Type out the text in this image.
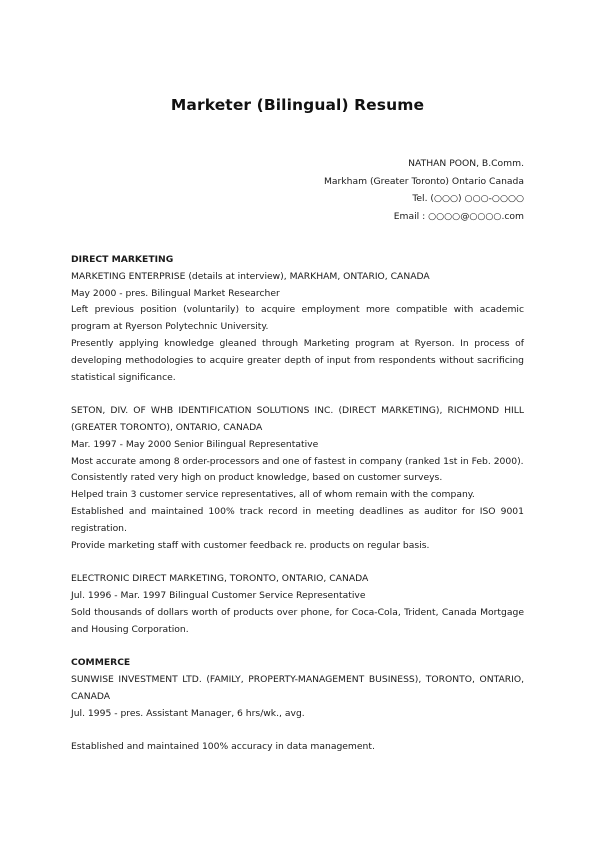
Marketer (Bilingual) Resume
NATHAN POON, B.Comm.
Markham (Greater Toronto) Ontario Canada
Tel. (○○○) ○○○-○○○○
Email : ○○○○@○○○○.com
DIRECT MARKETING
MARKETING ENTERPRISE (details at interview), MARKHAM, ONTARIO, CANADA
May 2000 - pres. Bilingual Market Researcher
Left previous position (voluntarily) to acquire employment more compatible with academic program at Ryerson Polytechnic University.
Presently applying knowledge gleaned through Marketing program at Ryerson. In process of developing methodologies to acquire greater depth of input from respondents without sacrificing statistical significance.
SETON, DIV. OF WHB IDENTIFICATION SOLUTIONS INC. (DIRECT MARKETING), RICHMOND HILL (GREATER TORONTO), ONTARIO, CANADA
Mar. 1997 - May 2000 Senior Bilingual Representative
Most accurate among 8 order-processors and one of fastest in company (ranked 1st in Feb. 2000).
Consistently rated very high on product knowledge, based on customer surveys.
Helped train 3 customer service representatives, all of whom remain with the company.
Established and maintained 100% track record in meeting deadlines as auditor for ISO 9001 registration.
Provide marketing staff with customer feedback re. products on regular basis.
ELECTRONIC DIRECT MARKETING, TORONTO, ONTARIO, CANADA
Jul. 1996 - Mar. 1997 Bilingual Customer Service Representative
Sold thousands of dollars worth of products over phone, for Coca-Cola, Trident, Canada Mortgage and Housing Corporation.
COMMERCE
SUNWISE INVESTMENT LTD. (FAMILY, PROPERTY-MANAGEMENT BUSINESS), TORONTO, ONTARIO, CANADA
Jul. 1995 - pres. Assistant Manager, 6 hrs/wk., avg.
Established and maintained 100% accuracy in data management.
